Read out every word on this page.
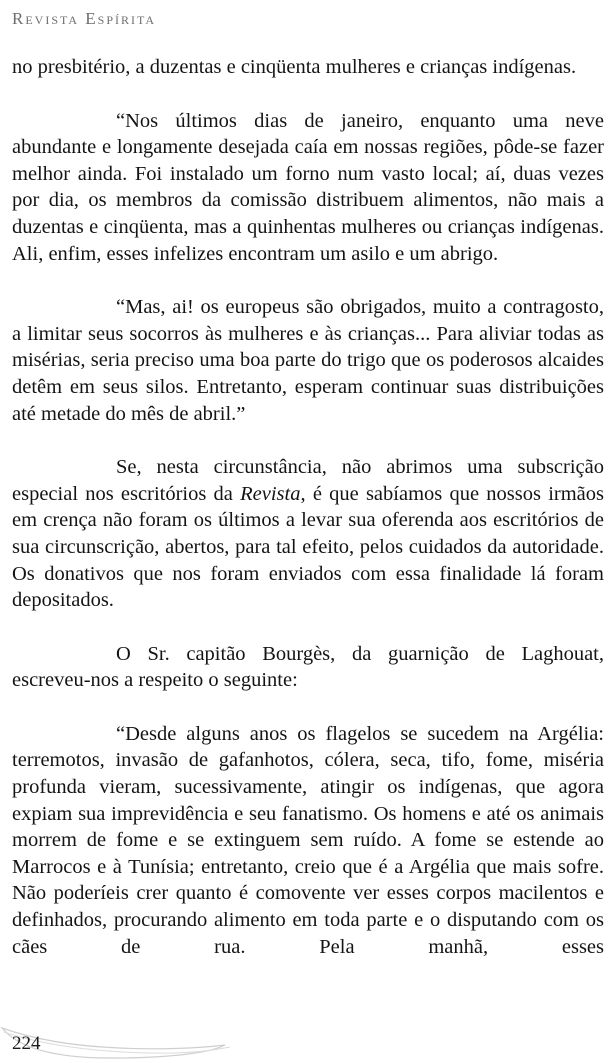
Revista Espírita

no presbitério, a duzentas e cinqüenta mulheres e crianças indígenas.

“Nos últimos dias de janeiro, enquanto uma neve abundante e longamente desejada caía em nossas regiões, pôde-se fazer melhor ainda. Foi instalado um forno num vasto local; aí, duas vezes por dia, os membros da comissão distribuem alimentos, não mais a duzentas e cinqüenta, mas a quinhentas mulheres ou crianças indígenas. Ali, enfim, esses infelizes encontram um asilo e um abrigo.

“Mas, ai! os europeus são obrigados, muito a contragosto, a limitar seus socorros às mulheres e às crianças... Para aliviar todas as misérias, seria preciso uma boa parte do trigo que os poderosos alcaides detêm em seus silos. Entretanto, esperam continuar suas distribuições até metade do mês de abril.”

Se, nesta circunstância, não abrimos uma subscrição especial nos escritórios da Revista, é que sabíamos que nossos irmãos em crença não foram os últimos a levar sua oferenda aos escritórios de sua circunscrição, abertos, para tal efeito, pelos cuidados da autoridade. Os donativos que nos foram enviados com essa finalidade lá foram depositados.

O Sr. capitão Bourgès, da guarnição de Laghouat, escreveu-nos a respeito o seguinte:

“Desde alguns anos os flagelos se sucedem na Argélia: terremotos, invasão de gafanhotos, cólera, seca, tifo, fome, miséria profunda vieram, sucessivamente, atingir os indígenas, que agora expiam sua imprevidência e seu fanatismo. Os homens e até os animais morrem de fome e se extinguem sem ruído. A fome se estende ao Marrocos e à Tunísia; entretanto, creio que é a Argélia que mais sofre. Não poderíeis crer quanto é comovente ver esses corpos macilentos e definhados, procurando alimento em toda parte e o disputando com os cães de rua. Pela manhã, esses

224
